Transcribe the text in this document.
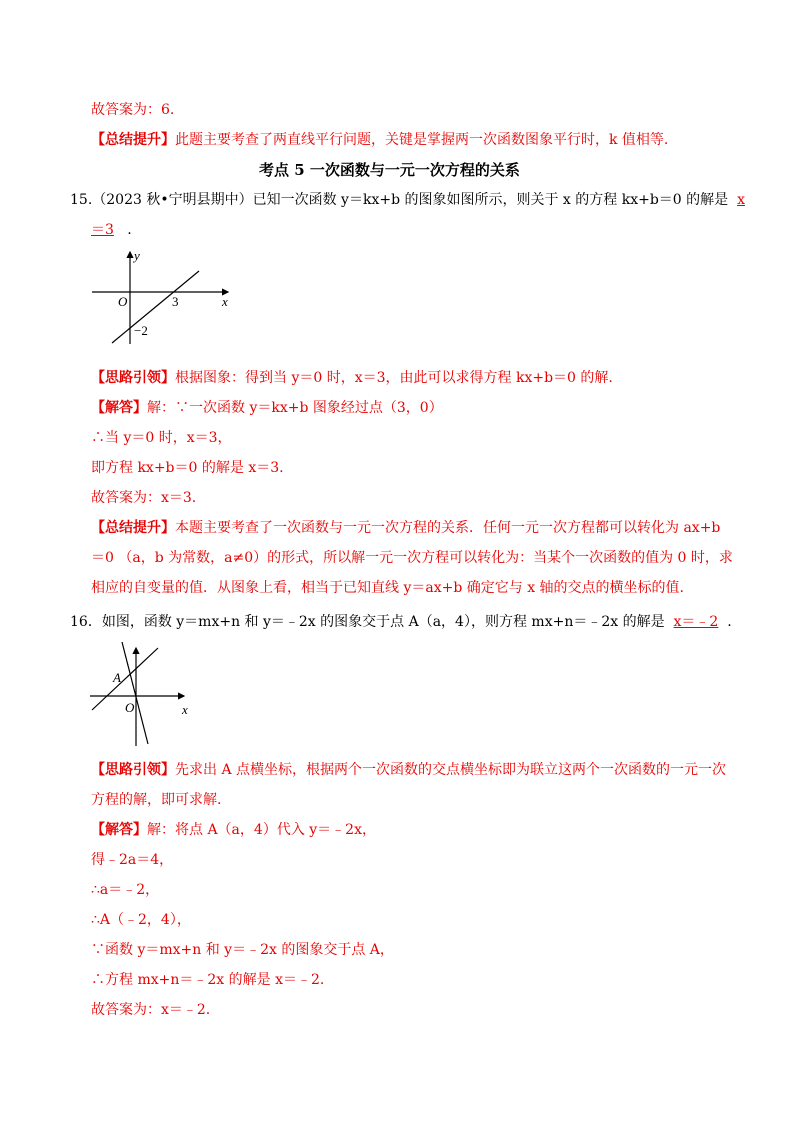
故答案为：6.
【总结提升】此题主要考查了两直线平行问题，关键是掌握两一次函数图象平行时，k 值相等.
考点 5 一次函数与一元一次方程的关系
15.（2023 秋•宁明县期中）已知一次函数 y＝kx+b 的图象如图所示，则关于 x 的方程 kx+b＝0 的解是 x
＝3 .
y
x
O	3
−2
【思路引领】根据图象：得到当 y＝0 时，x＝3，由此可以求得方程 kx+b＝0 的解.
【解答】解：∵一次函数 y＝kx+b 图象经过点（3，0）
∴当 y＝0 时，x＝3，
即方程 kx+b＝0 的解是 x＝3.
故答案为：x＝3.
【总结提升】本题主要考查了一次函数与一元一次方程的关系．任何一元一次方程都可以转化为 ax+b
＝0 （a，b 为常数，a≠0）的形式，所以解一元一次方程可以转化为：当某个一次函数的值为 0 时，求
相应的自变量的值．从图象上看，相当于已知直线 y＝ax+b 确定它与 x 轴的交点的横坐标的值.
16．如图，函数 y＝mx+n 和 y＝﹣2x 的图象交于点 A（a，4），则方程 mx+n＝﹣2x 的解是 x＝﹣2 .
A
O	x
【思路引领】先求出 A 点横坐标，根据两个一次函数的交点横坐标即为联立这两个一次函数的一元一次
方程的解，即可求解.
【解答】解：将点 A（a，4）代入 y＝﹣2x，
得﹣2a＝4，
∴a＝﹣2，
∴A（﹣2，4），
∵函数 y＝mx+n 和 y＝﹣2x 的图象交于点 A，
∴方程 mx+n＝﹣2x 的解是 x＝﹣2.
故答案为：x＝﹣2.
